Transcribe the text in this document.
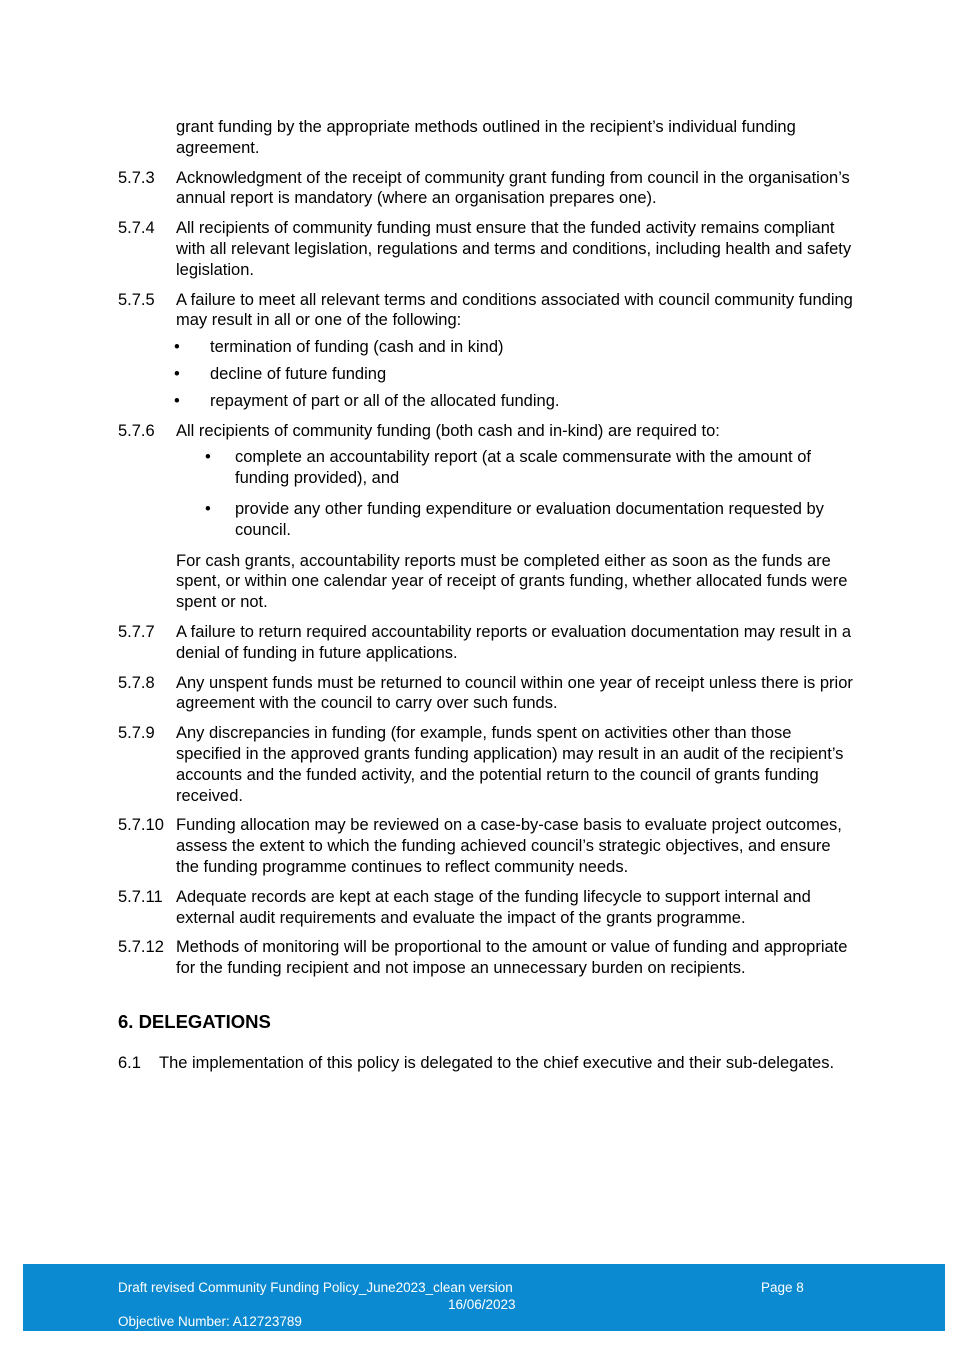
grant funding by the appropriate methods outlined in the recipient’s individual funding agreement.
5.7.3	Acknowledgment of the receipt of community grant funding from council in the organisation’s annual report is mandatory (where an organisation prepares one).
5.7.4	All recipients of community funding must ensure that the funded activity remains compliant with all relevant legislation, regulations and terms and conditions, including health and safety legislation.
5.7.5	A failure to meet all relevant terms and conditions associated with council community funding may result in all or one of the following:
• termination of funding (cash and in kind)
• decline of future funding
• repayment of part or all of the allocated funding.
5.7.6	All recipients of community funding (both cash and in-kind) are required to:
• complete an accountability report (at a scale commensurate with the amount of funding provided), and
• provide any other funding expenditure or evaluation documentation requested by council.
For cash grants, accountability reports must be completed either as soon as the funds are spent, or within one calendar year of receipt of grants funding, whether allocated funds were spent or not.
5.7.7	A failure to return required accountability reports or evaluation documentation may result in a denial of funding in future applications.
5.7.8	Any unspent funds must be returned to council within one year of receipt unless there is prior agreement with the council to carry over such funds.
5.7.9	Any discrepancies in funding (for example, funds spent on activities other than those specified in the approved grants funding application) may result in an audit of the recipient’s accounts and the funded activity, and the potential return to the council of grants funding received.
5.7.10 Funding allocation may be reviewed on a case-by-case basis to evaluate project outcomes, assess the extent to which the funding achieved council’s strategic objectives, and ensure the funding programme continues to reflect community needs.
5.7.11 Adequate records are kept at each stage of the funding lifecycle to support internal and external audit requirements and evaluate the impact of the grants programme.
5.7.12 Methods of monitoring will be proportional to the amount or value of funding and appropriate for the funding recipient and not impose an unnecessary burden on recipients.
6. DELEGATIONS
6.1	The implementation of this policy is delegated to the chief executive and their sub-delegates.
Draft revised Community Funding Policy_June2023_clean version	Page 8
16/06/2023
Objective Number: A12723789
